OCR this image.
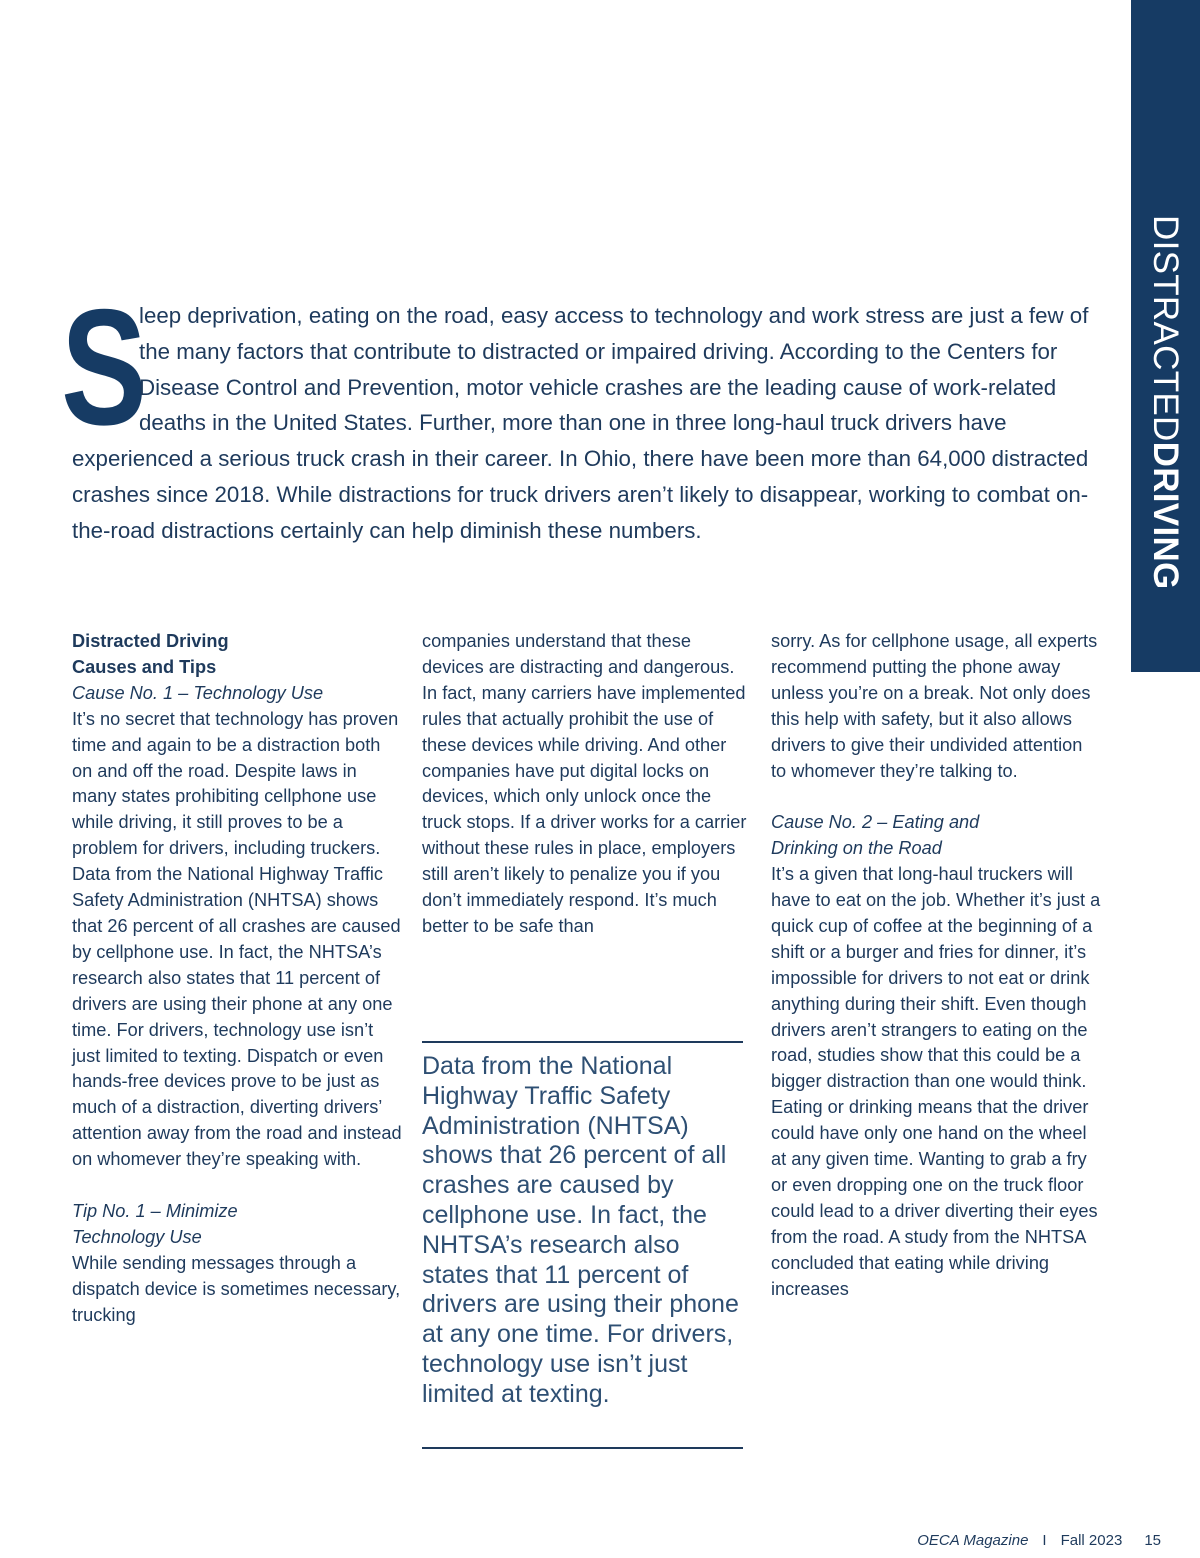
DISTRACTEDDRIVING
S
leep deprivation, eating on the road, easy access to technology and work stress are just a few of the many factors that contribute to distracted or impaired driving. According to the Centers for Disease Control and Prevention, motor vehicle crashes are the leading cause of work-related deaths in the United States. Further, more than one in three long-haul truck drivers have experienced a serious truck crash in their career. In Ohio, there have been more than 64,000 distracted crashes since 2018. While distractions for truck drivers aren’t likely to disappear, working to combat on-the-road distractions certainly can help diminish these numbers.

Distracted Driving

Causes and Tips

Cause No. 1 – Technology Use

It’s no secret that technology has proven time and again to be a distraction both on and off the road. Despite laws in many states prohibiting cellphone use while driving, it still proves to be a problem for drivers, including truckers. Data from the National Highway Traffic Safety Administration (NHTSA) shows that 26 percent of all crashes are caused by cellphone use. In fact, the NHTSA’s research also states that 11 percent of drivers are using their phone at any one time. For drivers, technology use isn’t just limited to texting. Dispatch or even hands-free devices prove to be just as much of a distraction, diverting drivers’ attention away from the road and instead on whomever they’re speaking with.

Tip No. 1 – Minimize

Technology Use

While sending messages through a dispatch device is sometimes necessary, trucking

companies understand that these devices are distracting and dangerous. In fact, many carriers have implemented rules that actually prohibit the use of these devices while driving. And other companies have put digital locks on devices, which only unlock once the truck stops. If a driver works for a carrier without these rules in place, employers still aren’t likely to penalize you if you don’t immediately respond. It’s much better to be safe than

Data from the National Highway Traffic Safety Administration (NHTSA) shows that 26 percent of all crashes are caused by cellphone use. In fact, the NHTSA’s research also states that 11 percent of drivers are using their phone at any one time. For drivers, technology use isn’t just limited at texting.

sorry. As for cellphone usage, all experts recommend putting the phone away unless you’re on a break. Not only does this help with safety, but it also allows drivers to give their undivided attention to whomever they’re talking to.

Cause No. 2 – Eating and

Drinking on the Road

It’s a given that long-haul truckers will have to eat on the job. Whether it’s just a quick cup of coffee at the beginning of a shift or a burger and fries for dinner, it’s impossible for drivers to not eat or drink anything during their shift. Even though drivers aren’t strangers to eating on the road, studies show that this could be a bigger distraction than one would think. Eating or drinking means that the driver could have only one hand on the wheel at any given time. Wanting to grab a fry or even dropping one on the truck floor could lead to a driver diverting their eyes from the road. A study from the NHTSA concluded that eating while driving increases

OECA Magazine I Fall 2023 15
